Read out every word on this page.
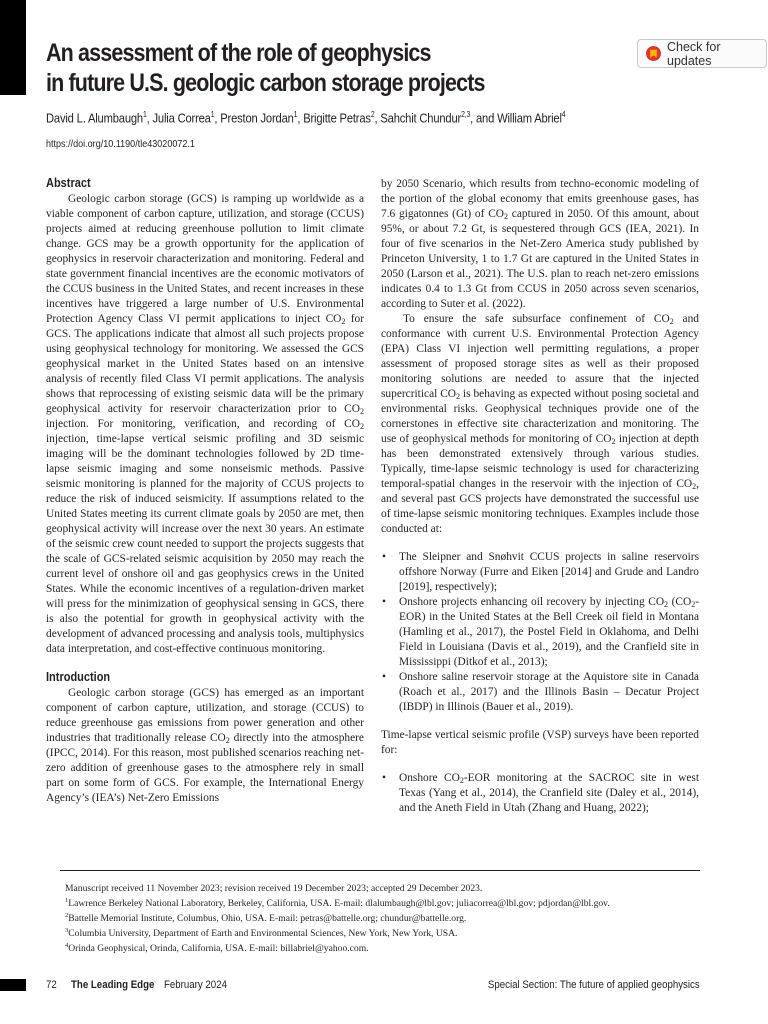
An assessment of the role of geophysics
in future U.S. geologic carbon storage projects
Check for updates
David L. Alumbaugh$^1$, Julia Correa$^1$, Preston Jordan$^1$, Brigitte Petras$^2$, Sahchit Chundur$^{2,3}$, and William Abriel$^4$
https://doi.org/10.1190/tle43020072.1
Abstract

Geologic carbon storage (GCS) is ramping up worldwide as a viable component of carbon capture, utilization, and storage (CCUS) projects aimed at reducing greenhouse pollution to limit climate change. GCS may be a growth opportunity for the application of geophysics in reservoir characterization and monitoring. Federal and state government financial incentives are the economic motivators of the CCUS business in the United States, and recent increases in these incentives have triggered a large number of U.S. Environmental Protection Agency Class VI permit applications to inject $CO_2$ for GCS. The applications indicate that almost all such projects propose using geophysical technology for monitoring. We assessed the GCS geophysical market in the United States based on an intensive analysis of recently filed Class VI permit applications. The analysis shows that reprocessing of existing seismic data will be the primary geophysical activity for reservoir characterization prior to $CO_2$ injection. For monitoring, verification, and recording of $CO_2$ injection, time-lapse vertical seismic profiling and 3D seismic imaging will be the dominant technologies followed by 2D time-lapse seismic imaging and some nonseismic methods. Passive seismic monitoring is planned for the majority of CCUS projects to reduce the risk of induced seismicity. If assumptions related to the United States meeting its current climate goals by 2050 are met, then geophysical activity will increase over the next 30 years. An estimate of the seismic crew count needed to support the projects suggests that the scale of GCS-related seismic acquisition by 2050 may reach the current level of onshore oil and gas geophysics crews in the United States. While the economic incentives of a regulation-driven market will press for the minimization of geophysical sensing in GCS, there is also the potential for growth in geophysical activity with the development of advanced processing and analysis tools, multiphysics data interpretation, and cost-effective continuous monitoring.

Introduction

Geologic carbon storage (GCS) has emerged as an important component of carbon capture, utilization, and storage (CCUS) to reduce greenhouse gas emissions from power generation and other industries that traditionally release $CO_2$ directly into the atmosphere (IPCC, 2014). For this reason, most published scenarios reaching net-zero addition of greenhouse gases to the atmosphere rely in small part on some form of GCS. For example, the International Energy Agency’s (IEA’s) Net-Zero Emissions

by 2050 Scenario, which results from techno-economic modeling of the portion of the global economy that emits greenhouse gases, has 7.6 gigatonnes (Gt) of $CO_2$ captured in 2050. Of this amount, about 95%, or about 7.2 Gt, is sequestered through GCS (IEA, 2021). In four of five scenarios in the Net-Zero America study published by Princeton University, 1 to 1.7 Gt are captured in the United States in 2050 (Larson et al., 2021). The U.S. plan to reach net-zero emissions indicates 0.4 to 1.3 Gt from CCUS in 2050 across seven scenarios, according to Suter et al. (2022).

To ensure the safe subsurface confinement of $CO_2$ and conformance with current U.S. Environmental Protection Agency (EPA) Class VI injection well permitting regulations, a proper assessment of proposed storage sites as well as their proposed monitoring solutions are needed to assure that the injected supercritical $CO_2$ is behaving as expected without posing societal and environmental risks. Geophysical techniques provide one of the cornerstones in effective site characterization and monitoring. The use of geophysical methods for monitoring of $CO_2$ injection at depth has been demonstrated extensively through various studies. Typically, time-lapse seismic technology is used for characterizing temporal-spatial changes in the reservoir with the injection of $CO_2$, and several past GCS projects have demonstrated the successful use of time-lapse seismic monitoring techniques. Examples include those conducted at:

• The Sleipner and Snøhvit CCUS projects in saline reservoirs offshore Norway (Furre and Eiken [2014] and Grude and Landro [2019], respectively);
• Onshore projects enhancing oil recovery by injecting $CO_2$ $(CO_2-EOR)$ in the United States at the Bell Creek oil field in Montana (Hamling et al., 2017), the Postel Field in Oklahoma, and Delhi Field in Louisiana (Davis et al., 2019), and the Cranfield site in Mississippi (Ditkof et al., 2013);
• Onshore saline reservoir storage at the Aquistore site in Canada (Roach et al., 2017) and the Illinois Basin – Decatur Project (IBDP) in Illinois (Bauer et al., 2019).

Time-lapse vertical seismic profile (VSP) surveys have been reported for:

• Onshore $CO_2$-EOR monitoring at the SACROC site in west Texas (Yang et al., 2014), the Cranfield site (Daley et al., 2014), and the Aneth Field in Utah (Zhang and Huang, 2022);
Manuscript received 11 November 2023; revision received 19 December 2023; accepted 29 December 2023.
$^1$Lawrence Berkeley National Laboratory, Berkeley, California, USA. E-mail: dlalumbaugh@lbl.gov; juliacorrea@lbl.gov; pdjordan@lbl.gov.
$^2$Battelle Memorial Institute, Columbus, Ohio, USA. E-mail: petras@battelle.org; chundur@battelle.org.
$^3$Columbia University, Department of Earth and Environmental Sciences, New York, New York, USA.
$^4$Orinda Geophysical, Orinda, California, USA. E-mail: billabriel@yahoo.com.
72 The Leading Edge February 2024	Special Section: The future of applied geophysics
